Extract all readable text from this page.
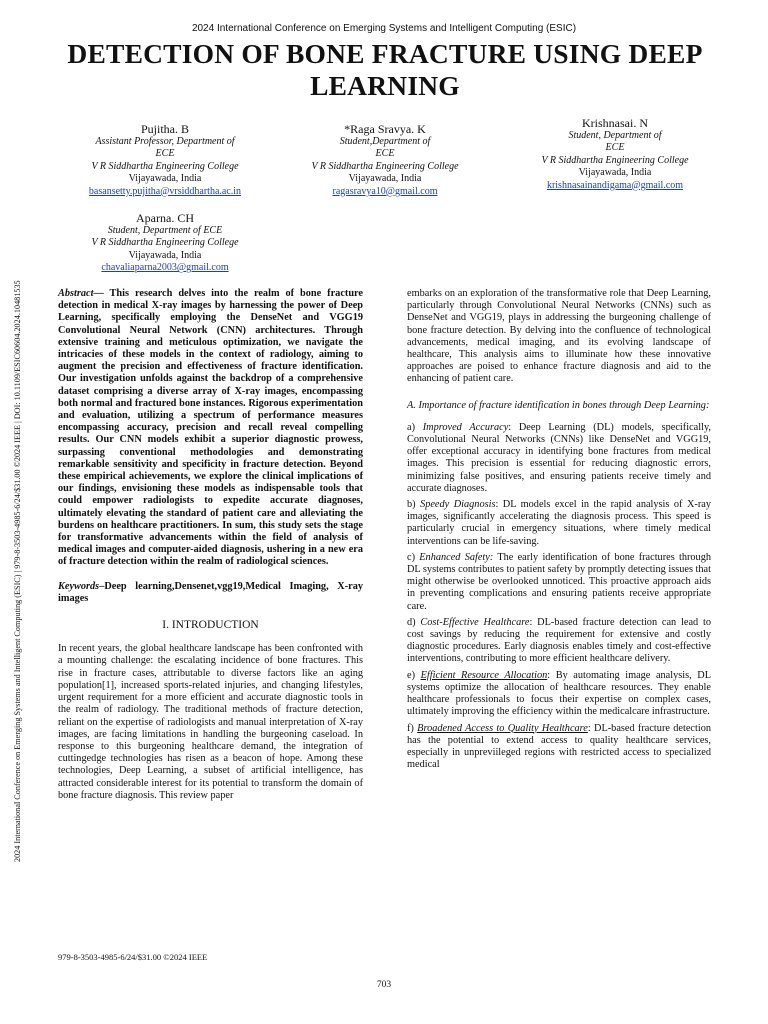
2024 International Conference on Emerging Systems and Intelligent Computing (ESIC)
DETECTION OF BONE FRACTURE USING DEEP LEARNING
2024 International Conference on Emerging Systems and Intelligent Computing (ESIC) | 979-8-3503-4985-6/24/$31.00 ©2024 IEEE | DOI: 10.1109/ESIC60604.2024.10481535
Pujitha. B
Assistant Professor, Department of
ECE
V R Siddhartha Engineering College
Vijayawada, India
basansetty.pujitha@vrsiddhartha.ac.in
*Raga Sravya. K
Student,Department of
ECE
V R Siddhartha Engineering College
Vijayawada, India
ragasravya10@gmail.com
Krishnasai. N
Student, Department of
ECE
V R Siddhartha Engineering College
Vijayawada, India
krishnasainandigama@gmail.com
Aparna. CH
Student, Department of ECE
V R Siddhartha Engineering College
Vijayawada, India
chavaliaparna2003@gmail.com

Abstract— This research delves into the realm of bone fracture detection in medical X-ray images by harnessing the power of Deep Learning, specifically employing the DenseNet and VGG19 Convolutional Neural Network (CNN) architectures. Through extensive training and meticulous optimization, we navigate the intricacies of these models in the context of radiology, aiming to augment the precision and effectiveness of fracture identification. Our investigation unfolds against the backdrop of a comprehensive dataset comprising a diverse array of X-ray images, encompassing both normal and fractured bone instances. Rigorous experimentation and evaluation, utilizing a spectrum of performance measures encompassing accuracy, precision and recall reveal compelling results. Our CNN models exhibit a superior diagnostic prowess, surpassing conventional methodologies and demonstrating remarkable sensitivity and specificity in fracture detection. Beyond these empirical achievements, we explore the clinical implications of our findings, envisioning these models as indispensable tools that could empower radiologists to expedite accurate diagnoses, ultimately elevating the standard of patient care and alleviating the burdens on healthcare practitioners. In sum, this study sets the stage for transformative advancements within the field of analysis of medical images and computer-aided diagnosis, ushering in a new era of fracture detection within the realm of radiological sciences.

Keywords–Deep learning,Densenet,vgg19,Medical Imaging, X-ray images

I. INTRODUCTION

In recent years, the global healthcare landscape has been confronted with a mounting challenge: the escalating incidence of bone fractures. This rise in fracture cases, attributable to diverse factors like an aging population[1], increased sports-related injuries, and changing lifestyles, urgent requirement for a more efficient and accurate diagnostic tools in the realm of radiology. The traditional methods of fracture detection, reliant on the expertise of radiologists and manual interpretation of X-ray images, are facing limitations in handling the burgeoning caseload. In response to this burgeoning healthcare demand, the integration of cuttingedge technologies has risen as a beacon of hope. Among these technologies, Deep Learning, a subset of artificial intelligence, has attracted considerable interest for its potential to transform the domain of bone fracture diagnosis. This review paper

embarks on an exploration of the transformative role that Deep Learning, particularly through Convolutional Neural Networks (CNNs) such as DenseNet and VGG19, plays in addressing the burgeoning challenge of bone fracture detection. By delving into the confluence of technological advancements, medical imaging, and its evolving landscape of healthcare, This analysis aims to illuminate how these innovative approaches are poised to enhance fracture diagnosis and aid to the enhancing of patient care.

A. Importance of fracture identification in bones through Deep Learning:

a) Improved Accuracy: Deep Learning (DL) models, specifically, Convolutional Neural Networks (CNNs) like DenseNet and VGG19, offer exceptional accuracy in identifying bone fractures from medical images. This precision is essential for reducing diagnostic errors, minimizing false positives, and ensuring patients receive timely and accurate diagnoses.

b) Speedy Diagnosis: DL models excel in the rapid analysis of X-ray images, significantly accelerating the diagnosis process. This speed is particularly crucial in emergency situations, where timely medical interventions can be life-saving.

c) Enhanced Safety: The early identification of bone fractures through DL systems contributes to patient safety by promptly detecting issues that might otherwise be overlooked unnoticed. This proactive approach aids in preventing complications and ensuring patients receive appropriate care.

d) Cost-Effective Healthcare: DL-based fracture detection can lead to cost savings by reducing the requirement for extensive and costly diagnostic procedures. Early diagnosis enables timely and cost-effective interventions, contributing to more efficient healthcare delivery.

e) Efficient Resource Allocation: By automating image analysis, DL systems optimize the allocation of healthcare resources. They enable healthcare professionals to focus their expertise on complex cases, ultimately improving the efficiency within the medicalcare infrastructure.

f) Broadened Access to Quality Healthcare: DL-based fracture detection has the potential to extend access to quality healthcare services, especially in unpreviileged regions with restricted access to specialized medical

979-8-3503-4985-6/24/$31.00 ©2024 IEEE
703
